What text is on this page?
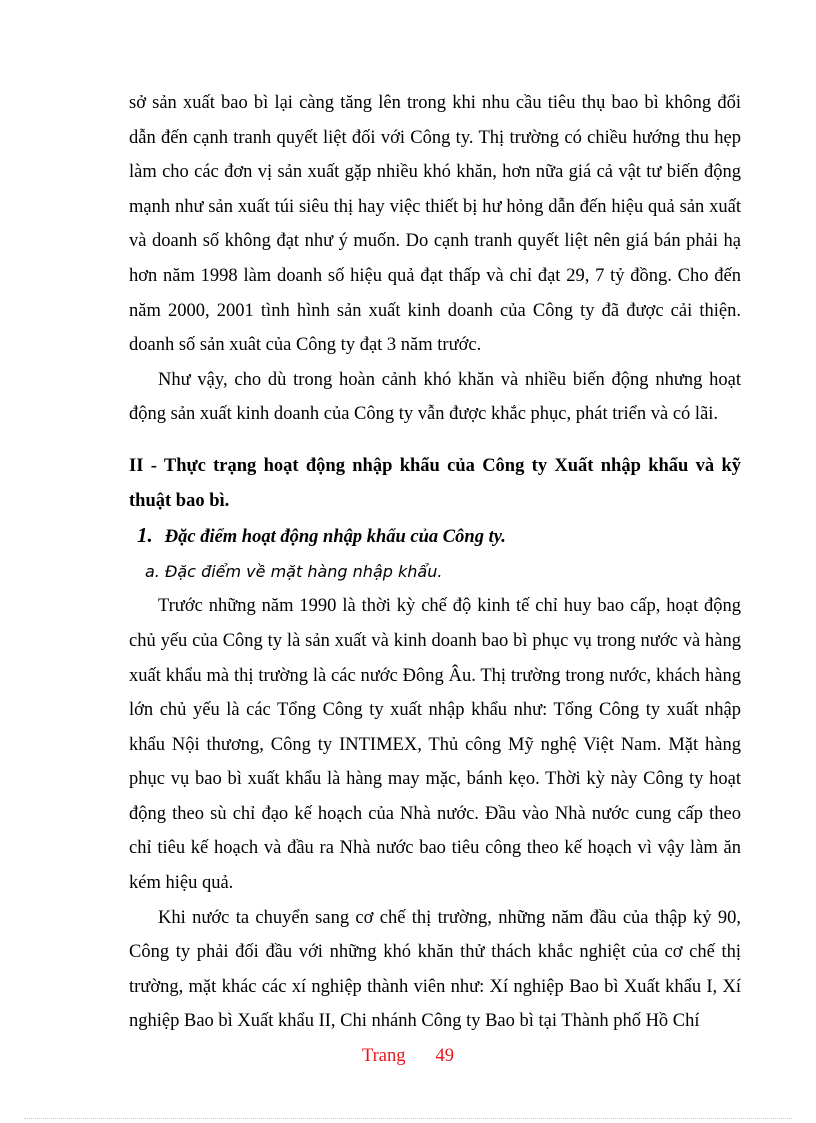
sở sản xuất bao bì lại càng tăng lên trong khi nhu cầu tiêu thụ bao bì không đổi dẫn đến cạnh tranh quyết liệt đối với Công ty. Thị trường có chiều hướng thu hẹp làm cho các đơn vị sản xuất gặp nhiều khó khăn, hơn nữa giá cả vật tư biến động mạnh như sản xuất túi siêu thị hay việc thiết bị hư hỏng dẫn đến hiệu quả sản xuất và doanh số không đạt như ý muốn. Do cạnh tranh quyết liệt nên giá bán phải hạ hơn năm 1998 làm doanh số hiệu quả đạt thấp và chỉ đạt 29, 7 tỷ đồng. Cho đến năm 2000, 2001 tình hình sản xuất kinh doanh của Công ty đã được cải thiện. doanh số sản xuât của Công ty đạt 3 năm trước.

Như vậy, cho dù trong hoàn cảnh khó khăn và nhiều biến động nhưng hoạt động sản xuất kinh doanh của Công ty vẫn được khắc phục, phát triển và có lãi.

II - Thực trạng hoạt động nhập khẩu của Công ty Xuất nhập khẩu và kỹ thuật bao bì.

1. Đặc điểm hoạt động nhập khẩu của Công ty.

a. Đặc điểm về mặt hàng nhập khẩu.

Trước những năm 1990 là thời kỳ chế độ kinh tế chỉ huy bao cấp, hoạt động chủ yếu của Công ty là sản xuất và kinh doanh bao bì phục vụ trong nước và hàng xuất khẩu mà thị trường là các nước Đông Âu. Thị trường trong nước, khách hàng lớn chủ yếu là các Tổng Công ty xuất nhập khẩu như: Tổng Công ty xuất nhập khẩu Nội thương, Công ty INTIMEX, Thủ công Mỹ nghệ Việt Nam. Mặt hàng phục vụ bao bì xuất khẩu là hàng may mặc, bánh kẹo. Thời kỳ này Công ty hoạt động theo sù chỉ đạo kế hoạch của Nhà nước. Đầu vào Nhà nước cung cấp theo chỉ tiêu kế hoạch và đầu ra Nhà nước bao tiêu công theo kế hoạch vì vậy làm ăn kém hiệu quả.

Khi nước ta chuyển sang cơ chế thị trường, những năm đầu của thập kỷ 90, Công ty phải đối đầu với những khó khăn thử thách khắc nghiệt của cơ chế thị trường, mặt khác các xí nghiệp thành viên như: Xí nghiệp Bao bì Xuất khẩu I, Xí nghiệp Bao bì Xuất khẩu II, Chi nhánh Công ty Bao bì tại Thành phố Hồ Chí

Trang 49
